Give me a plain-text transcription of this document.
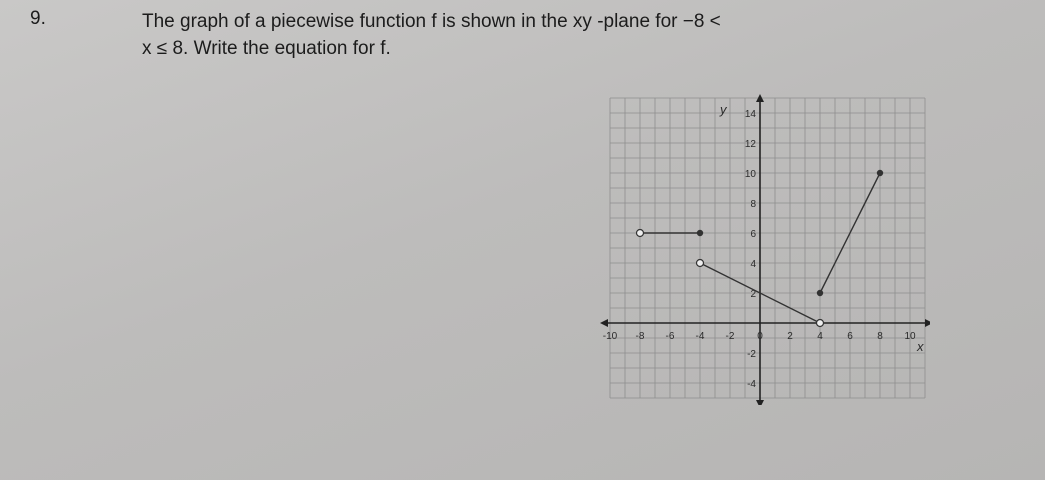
9.	The graph of a piecewise function f is shown in the xy -plane for −8 <
x ≤ 8. Write the equation for f.
-10 -8 -6 -4 -2 0 2 4 6 8 10
14
12
10
8
6
4
2
-2
-4
x
y
